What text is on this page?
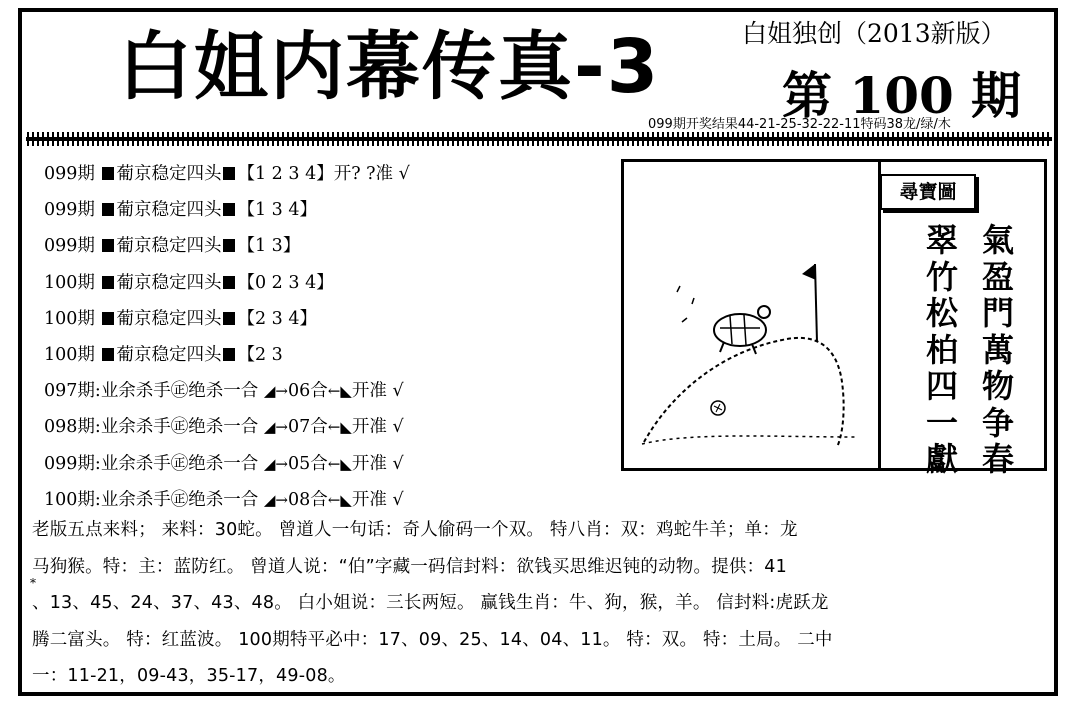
白姐内幕传真-3	白姐独创（2013新版）
第 100 期
099期开奖结果44-21-25-32-22-11特码38龙/绿/木
099期 葡京稳定四头 【1 2 3 4】开? ?准 √
099期 葡京稳定四头 【1 3 4】
099期 葡京稳定四头 【1 3】
100期 葡京稳定四头 【0 2 3 4】
100期 葡京稳定四头 【2 3 4】
100期 葡京稳定四头 【2 3
097期:业余杀手㊣绝杀一合 ◢→06合←◣开准 √
098期:业余杀手㊣绝杀一合 ◢→07合←◣开准 √
099期:业余杀手㊣绝杀一合 ◢→05合←◣开准 √
100期:业余杀手㊣绝杀一合 ◢→08合←◣开准 √
尋寶圖
氣盈門萬物争春
翠竹松柏四一獻

老版五点来料； 来料：30蛇。 曾道人一句话：奇人偷码一个双。 特八肖：双：鸡蛇牛羊；单：龙

马狗猴。特：主：蓝防红。 曾道人说：“伯”字藏一码信封料：欲钱买思维迟钝的动物。提供：41

、13、45、24、37、43、48。 白小姐说：三长两短。 赢钱生肖：牛、狗，猴，羊。 信封料:虎跃龙

腾二富头。 特：红蓝波。 100期特平必中：17、09、25、14、04、11。 特：双。 特：土局。 二中

一：11-21，09-43，35-17，49-08。

*
